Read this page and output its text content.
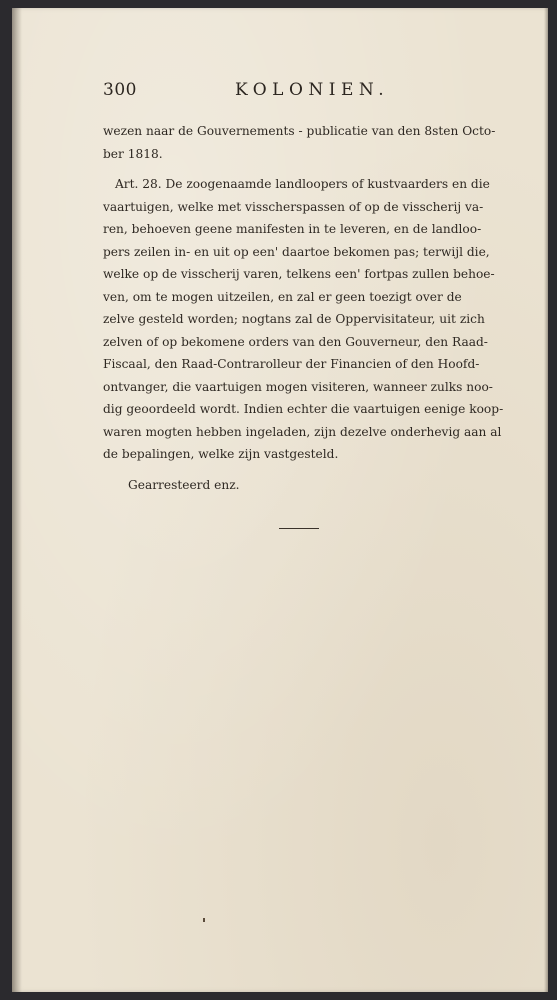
300	KOLONIEN.
wezen naar de Gouvernements - publicatie van den 8sten Octo-
ber 1818.
Art. 28. De zoogenaamde landloopers of kustvaarders en die
vaartuigen, welke met visscherspassen of op de visscherij va-
ren, behoeven geene manifesten in te leveren, en de landloo-
pers zeilen in- en uit op een' daartoe bekomen pas; terwijl die,
welke op de visscherij varen, telkens een' fortpas zullen behoe-
ven, om te mogen uitzeilen, en zal er geen toezigt over de
zelve gesteld worden; nogtans zal de Oppervisitateur, uit zich
zelven of op bekomene orders van den Gouverneur, den Raad-
Fiscaal, den Raad-Contrarolleur der Financien of den Hoofd-
ontvanger, die vaartuigen mogen visiteren, wanneer zulks noo-
dig geoordeeld wordt. Indien echter die vaartuigen eenige koop-
waren mogten hebben ingeladen, zijn dezelve onderhevig aan al
de bepalingen, welke zijn vastgesteld.
Gearresteerd enz.
